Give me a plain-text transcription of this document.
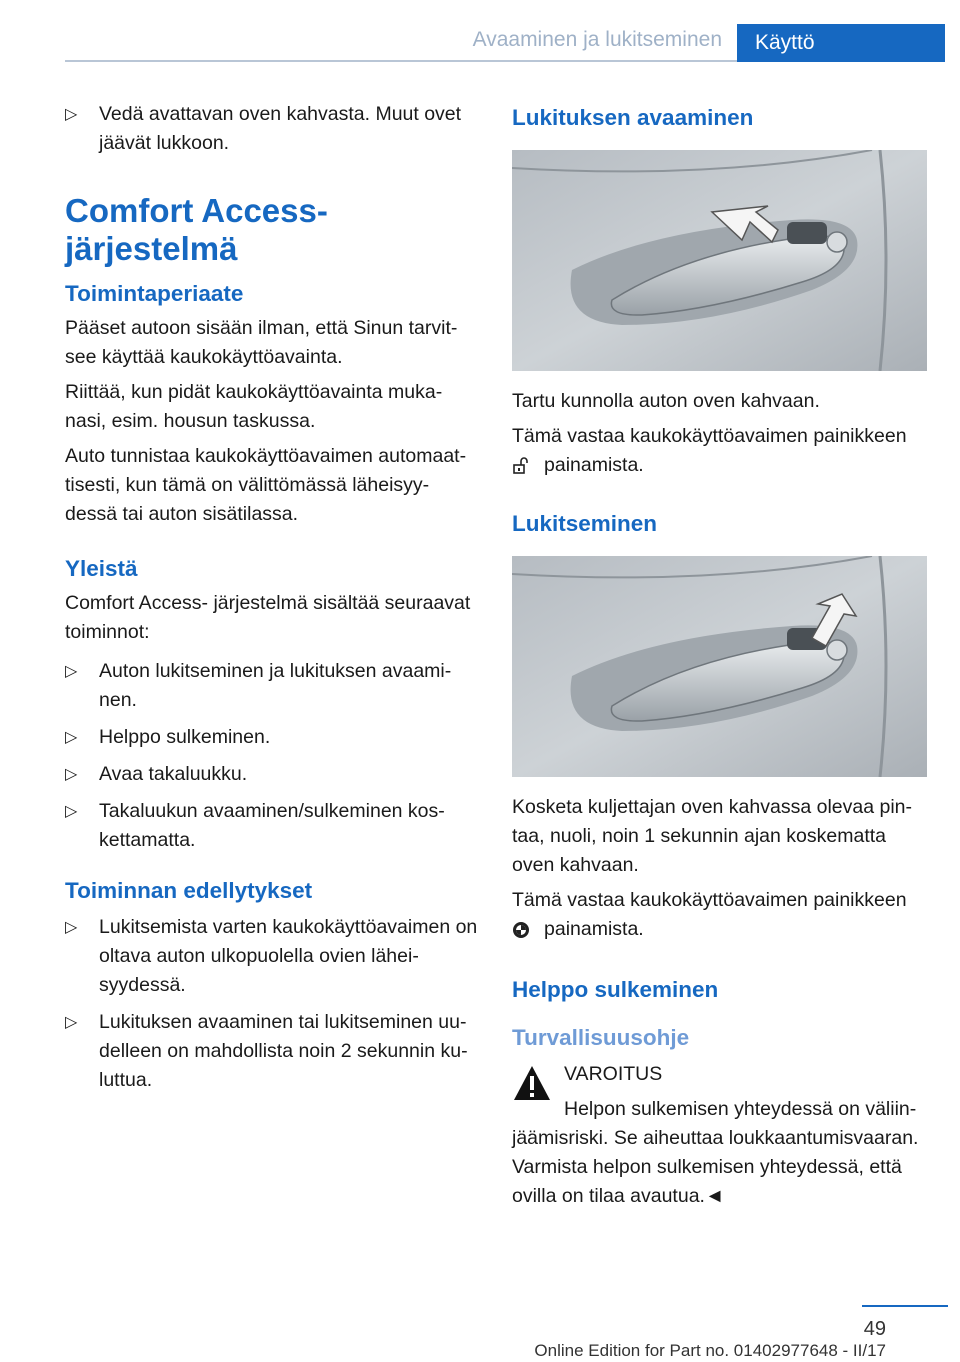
Avaaminen ja lukitseminen Käyttö
▷ Vedä avattavan oven kahvasta. Muut ovet jäävät lukkoon.
Comfort Access- järjestelmä
Toimintaperiaate

Pääset autoon sisään ilman, että Sinun tarvit- see käyttää kaukokäyttöavainta.

Riittää, kun pidät kaukokäyttöavainta muka- nasi, esim. housun taskussa.

Auto tunnistaa kaukokäyttöavaimen automaat- tisesti, kun tämä on välittömässä läheisyy- dessä tai auton sisätilassa.

Yleistä

Comfort Access- järjestelmä sisältää seuraavat toiminnot:

▷ Auton lukitseminen ja lukituksen avaami- nen.
▷ Helppo sulkeminen.
▷ Avaa takaluukku.
▷ Takaluukun avaaminen/sulkeminen kos- kettamatta.
Toiminnan edellytykset
▷ Lukitsemista varten kaukokäyttöavaimen on oltava auton ulkopuolella ovien lähei- syydessä.
▷ Lukituksen avaaminen tai lukitseminen uu- delleen on mahdollista noin 2 sekunnin ku- luttua.
Lukituksen avaaminen

Tartu kunnolla auton oven kahvaan.

Tämä vastaa kaukokäyttöavaimen painikkeen

painamista.

Lukitseminen

Kosketa kuljettajan oven kahvassa olevaa pin- taa, nuoli, noin 1 sekunnin ajan koskematta oven kahvaan.

Tämä vastaa kaukokäyttöavaimen painikkeen

painamista.

Helppo sulkeminen
Turvallisuusohje

VAROITUS

Helpon sulkemisen yhteydessä on väliin-

jäämisriski. Se aiheuttaa loukkaantumisvaaran. Varmista helpon sulkemisen yhteydessä, että ovilla on tilaa avautua.◄

49
Online Edition for Part no. 01402977648 - II/17
